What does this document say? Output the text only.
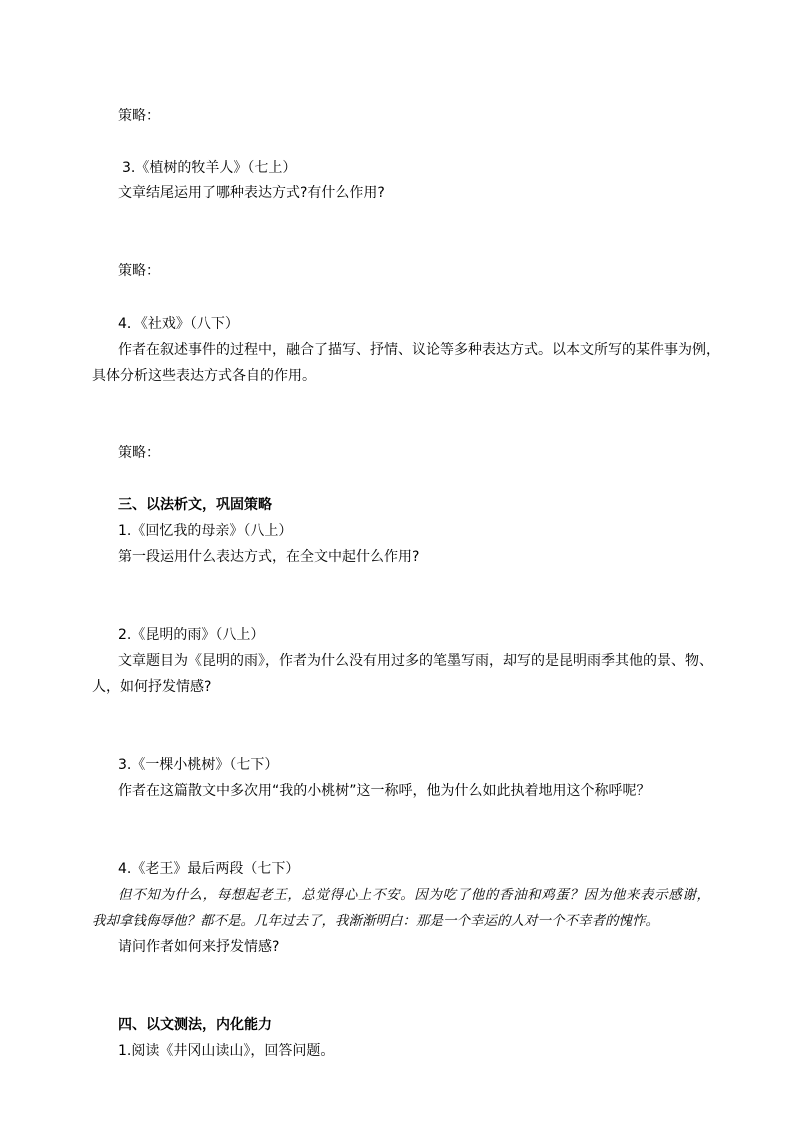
策略：
3.《植树的牧羊人》（七上）
文章结尾运用了哪种表达方式?有什么作用?
策略：
4．《社戏》（八下）
作者在叙述事件的过程中，融合了描写、抒情、议论等多种表达方式。以本文所写的某件事为例，
具体分析这些表达方式各自的作用。
策略：
三、以法析文，巩固策略
1.《回忆我的母亲》（八上）
第一段运用什么表达方式，在全文中起什么作用?
2.《昆明的雨》（八上）
文章题目为《昆明的雨》，作者为什么没有用过多的笔墨写雨，却写的是昆明雨季其他的景、物、
人，如何抒发情感?
3.《一棵小桃树》（七下）
作者在这篇散文中多次用“我的小桃树”这一称呼，他为什么如此执着地用这个称呼呢？
4.《老王》最后两段（七下）
但不知为什么，每想起老王，总觉得心上不安。因为吃了他的香油和鸡蛋？因为他来表示感谢，
我却拿钱侮辱他？都不是。几年过去了，我渐渐明白：那是一个幸运的人对一个不幸者的愧怍。
请问作者如何来抒发情感?
四、以文测法，内化能力
1.阅读《井冈山读山》，回答问题。
